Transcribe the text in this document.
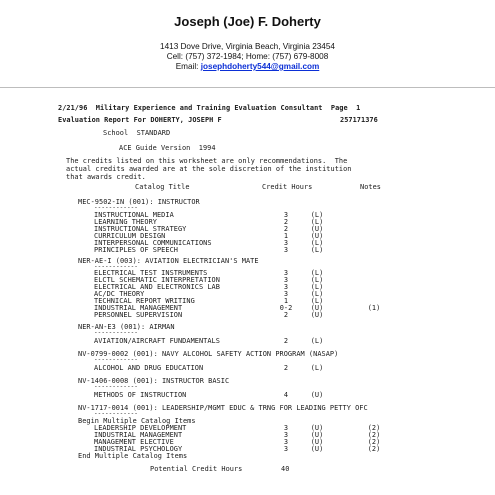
Joseph (Joe) F. Doherty
1413 Dove Drive, Virginia Beach, Virginia 23454
Cell: (757) 372-1984; Home: (757) 679-8008
Email: josephdoherty544@gmail.com
2/21/96  Military Experience and Training Evaluation Consultant  Page  1
Evaluation Report For DOHERTY, JOSEPH F	257171376
School  STANDARD
ACE Guide Version  1994
The credits listed on this worksheet are only recommendations.  The
actual credits awarded are at the sole discretion of the institution
that awards credit.
Catalog Title	Credit Hours	Notes
MEC-9502-IN (001): INSTRUCTOR
------------
INSTRUCTIONAL MEDIA	3	(L)
LEARNING THEORY	2	(L)
INSTRUCTIONAL STRATEGY	2	(U)
CURRICULUM DESIGN	1	(U)
INTERPERSONAL COMMUNICATIONS	3	(L)
PRINCIPLES OF SPEECH	3	(L)
NER-AE-I (003): AVIATION ELECTRICIAN'S MATE
------------
ELECTRICAL TEST INSTRUMENTS	3	(L)
ELCTL SCHEMATIC INTERPRETATION	3	(L)
ELECTRICAL AND ELECTRONICS LAB	3	(L)
AC/DC THEORY	3	(L)
TECHNICAL REPORT WRITING	1	(L)
INDUSTRIAL MANAGEMENT	0-2	(U)	(1)
PERSONNEL SUPERVISION	2	(U)
NER-AN-E3 (001): AIRMAN
------------
AVIATION/AIRCRAFT FUNDAMENTALS	2	(L)
NV-0799-0002 (001): NAVY ALCOHOL SAFETY ACTION PROGRAM (NASAP)
------------
ALCOHOL AND DRUG EDUCATION	2	(L)
NV-1406-0008 (001): INSTRUCTOR BASIC
------------
METHODS OF INSTRUCTION	4	(U)
NV-1717-0014 (001): LEADERSHIP/MGMT EDUC & TRNG FOR LEADING PETTY OFC
------------
Begin Multiple Catalog Items
LEADERSHIP DEVELOPMENT	3	(U)	(2)
INDUSTRIAL MANAGEMENT	3	(U)	(2)
MANAGEMENT ELECTIVE	3	(U)	(2)
INDUSTRIAL PSYCHOLOGY	3	(U)	(2)
End Multiple Catalog Items
Potential Credit Hours	40
